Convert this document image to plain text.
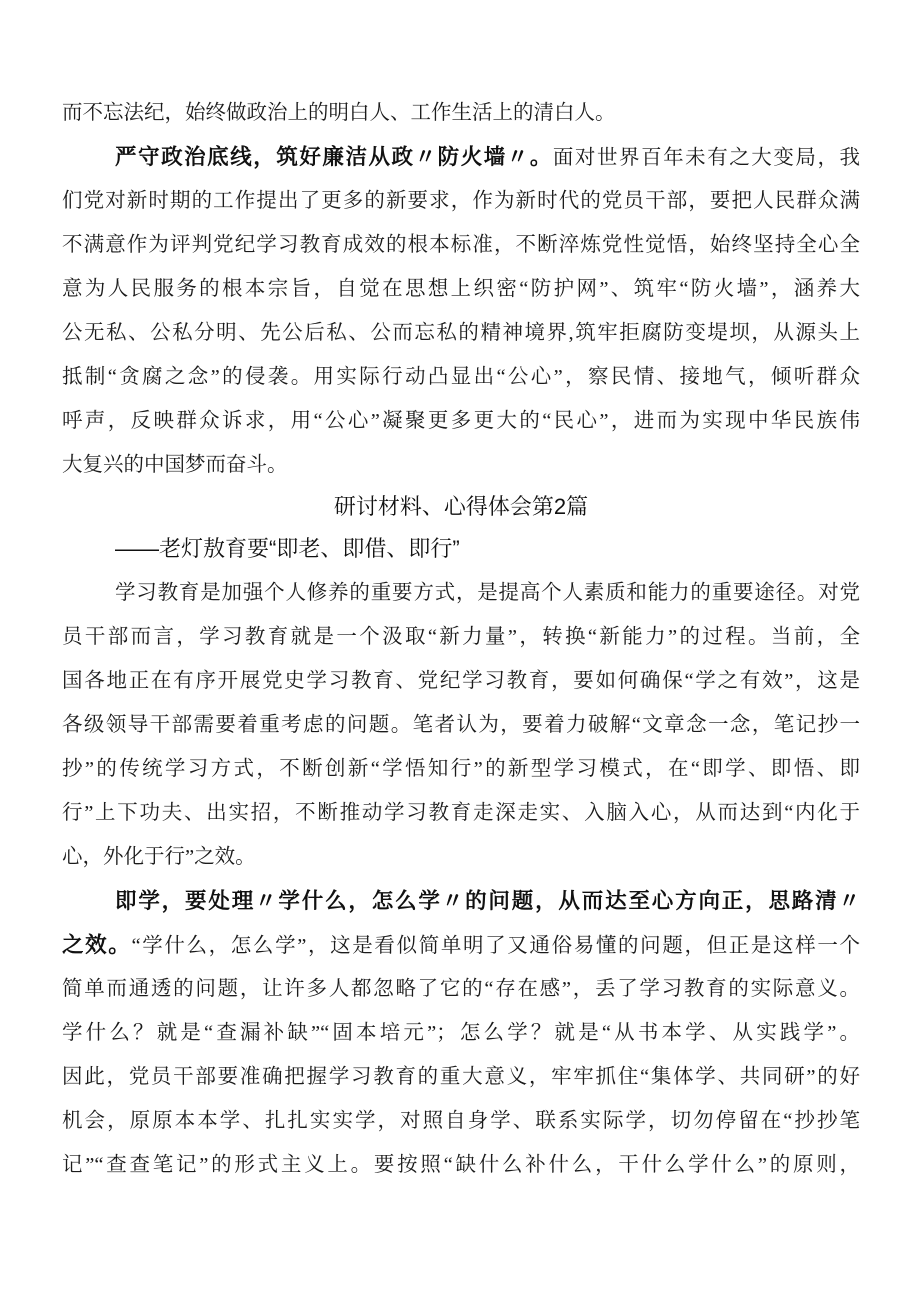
而不忘法纪，始终做政治上的明白人、工作生活上的清白人。
严守政治底线，筑好廉洁从政〃防火墙〃。面对世界百年未有之大变局，我
们党对新时期的工作提出了更多的新要求，作为新时代的党员干部，要把人民群众满
不满意作为评判党纪学习教育成效的根本标准，不断淬炼党性觉悟，始终坚持全心全
意为人民服务的根本宗旨，自觉在思想上织密“防护网”、筑牢“防火墙”，涵养大
公无私、公私分明、先公后私、公而忘私的精神境界,筑牢拒腐防变堤坝，从源头上
抵制“贪腐之念”的侵袭。用实际行动凸显出“公心”，察民情、接地气，倾听群众
呼声，反映群众诉求，用“公心”凝聚更多更大的“民心”，进而为实现中华民族伟
大复兴的中国梦而奋斗。
研讨材料、心得体会第2篇
——老灯敖育要“即老、即借、即行”
学习教育是加强个人修养的重要方式，是提高个人素质和能力的重要途径。对党
员干部而言，学习教育就是一个汲取“新力量”，转换“新能力”的过程。当前，全
国各地正在有序开展党史学习教育、党纪学习教育，要如何确保“学之有效”，这是
各级领导干部需要着重考虑的问题。笔者认为，要着力破解“文章念一念，笔记抄一
抄”的传统学习方式，不断创新“学悟知行”的新型学习模式，在“即学、即悟、即
行”上下功夫、出实招，不断推动学习教育走深走实、入脑入心，从而达到“内化于
心，外化于行”之效。
即学，要处理〃学什么，怎么学〃的问题，从而达至心方向正，思路清〃
之效。“学什么，怎么学”，这是看似简单明了又通俗易懂的问题，但正是这样一个
简单而通透的问题，让许多人都忽略了它的“存在感”，丢了学习教育的实际意义。
学什么？就是“查漏补缺”“固本培元”；怎么学？就是“从书本学、从实践学”。
因此，党员干部要准确把握学习教育的重大意义，牢牢抓住“集体学、共同研”的好
机会，原原本本学、扎扎实实学，对照自身学、联系实际学，切勿停留在“抄抄笔
记”“查查笔记”的形式主义上。要按照“缺什么补什么，干什么学什么”的原则，
